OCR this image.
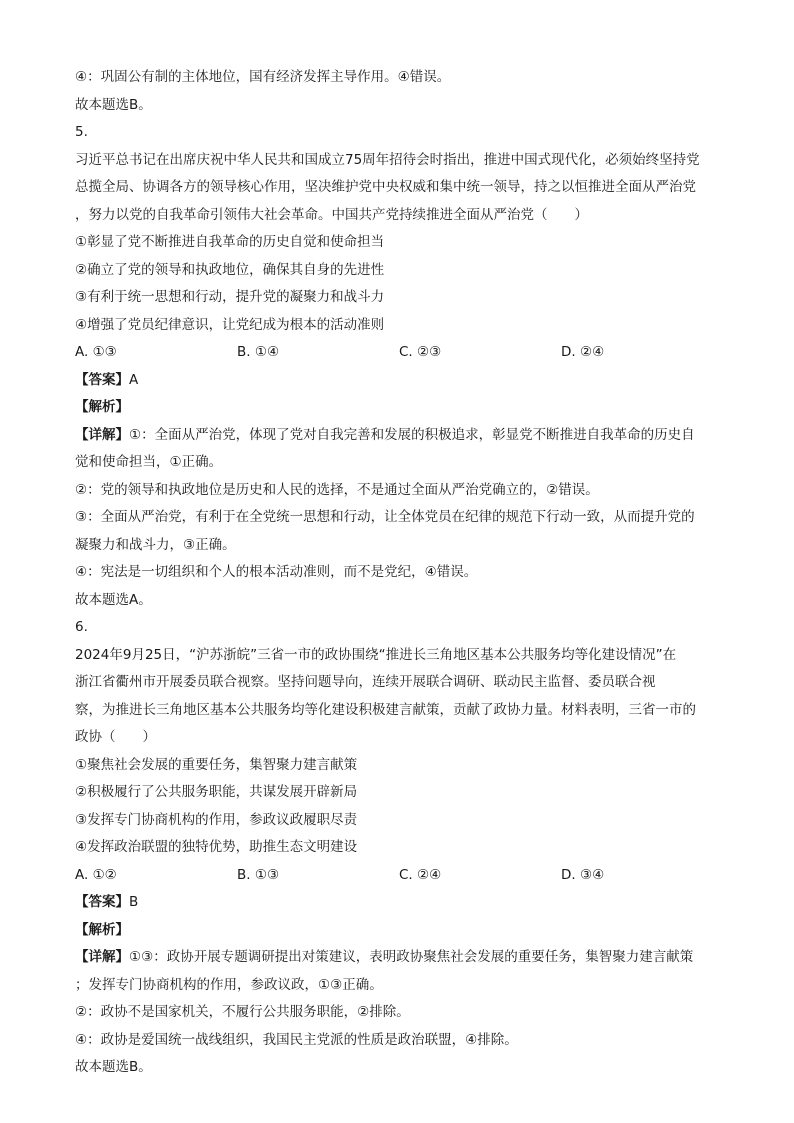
④：巩固公有制的主体地位，国有经济发挥主导作用。④错误。
故本题选B。
5.
习近平总书记在出席庆祝中华人民共和国成立75周年招待会时指出，推进中国式现代化，必须始终坚持党
总揽全局、协调各方的领导核心作用，坚决维护党中央权威和集中统一领导，持之以恒推进全面从严治党
，努力以党的自我革命引领伟大社会革命。中国共产党持续推进全面从严治党（　　）
①彰显了党不断推进自我革命的历史自觉和使命担当
②确立了党的领导和执政地位，确保其自身的先进性
③有利于统一思想和行动，提升党的凝聚力和战斗力
④增强了党员纪律意识，让党纪成为根本的活动准则
A. ①③	B. ①④	C. ②③	D. ②④
【答案】A
【解析】
【详解】①：全面从严治党，体现了党对自我完善和发展的积极追求，彰显党不断推进自我革命的历史自
觉和使命担当，①正确。
②：党的领导和执政地位是历史和人民的选择，不是通过全面从严治党确立的，②错误。
③：全面从严治党，有利于在全党统一思想和行动，让全体党员在纪律的规范下行动一致，从而提升党的
凝聚力和战斗力，③正确。
④：宪法是一切组织和个人的根本活动准则，而不是党纪，④错误。
故本题选A。
6.
2024年9月25日，“沪苏浙皖”三省一市的政协围绕“推进长三角地区基本公共服务均等化建设情况”在
浙江省衢州市开展委员联合视察。坚持问题导向，连续开展联合调研、联动民主监督、委员联合视
察，为推进长三角地区基本公共服务均等化建设积极建言献策，贡献了政协力量。材料表明，三省一市的
政协（　　）
①聚焦社会发展的重要任务，集智聚力建言献策
②积极履行了公共服务职能，共谋发展开辟新局
③发挥专门协商机构的作用，参政议政履职尽责
④发挥政治联盟的独特优势，助推生态文明建设
A. ①②	B. ①③	C. ②④	D. ③④
【答案】B
【解析】
【详解】①③：政协开展专题调研提出对策建议，表明政协聚焦社会发展的重要任务，集智聚力建言献策
；发挥专门协商机构的作用，参政议政，①③正确。
②：政协不是国家机关，不履行公共服务职能，②排除。
④：政协是爱国统一战线组织，我国民主党派的性质是政治联盟，④排除。
故本题选B。
